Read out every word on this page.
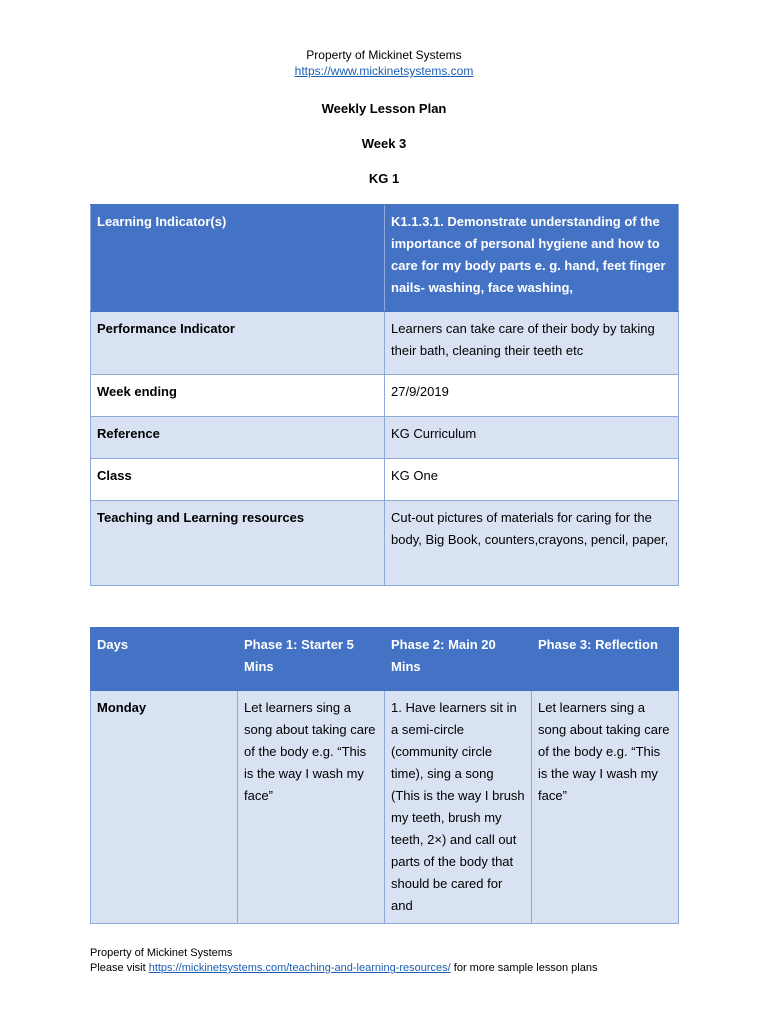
Property of Mickinet Systems
https://www.mickinetsystems.com
Weekly Lesson Plan
Week 3
KG 1
Learning Indicator(s)	K1.1.3.1. Demonstrate understanding of the importance of personal hygiene and how to care for my body parts e. g. hand, feet finger nails- washing, face washing,
Performance Indicator	Learners can take care of their body by taking their bath, cleaning their teeth etc
Week ending	27/9/2019
Reference	KG Curriculum
Class	KG One
Teaching and Learning resources	Cut-out pictures of materials for caring for the body, Big Book, counters,crayons, pencil, paper,
Days	Phase 1: Starter 5 Mins	Phase 2: Main 20 Mins	Phase 3: Reflection
Monday	Let learners sing a song about taking care of the body e.g. “This is the way I wash my face”	1. Have learners sit in a semi-circle (community circle time), sing a song (This is the way I brush my teeth, brush my teeth, 2×) and call out parts of the body that should be cared for and	Let learners sing a song about taking care of the body e.g. “This is the way I wash my face”
Property of Mickinet Systems
Please visit https://mickinetsystems.com/teaching-and-learning-resources/ for more sample lesson plans
